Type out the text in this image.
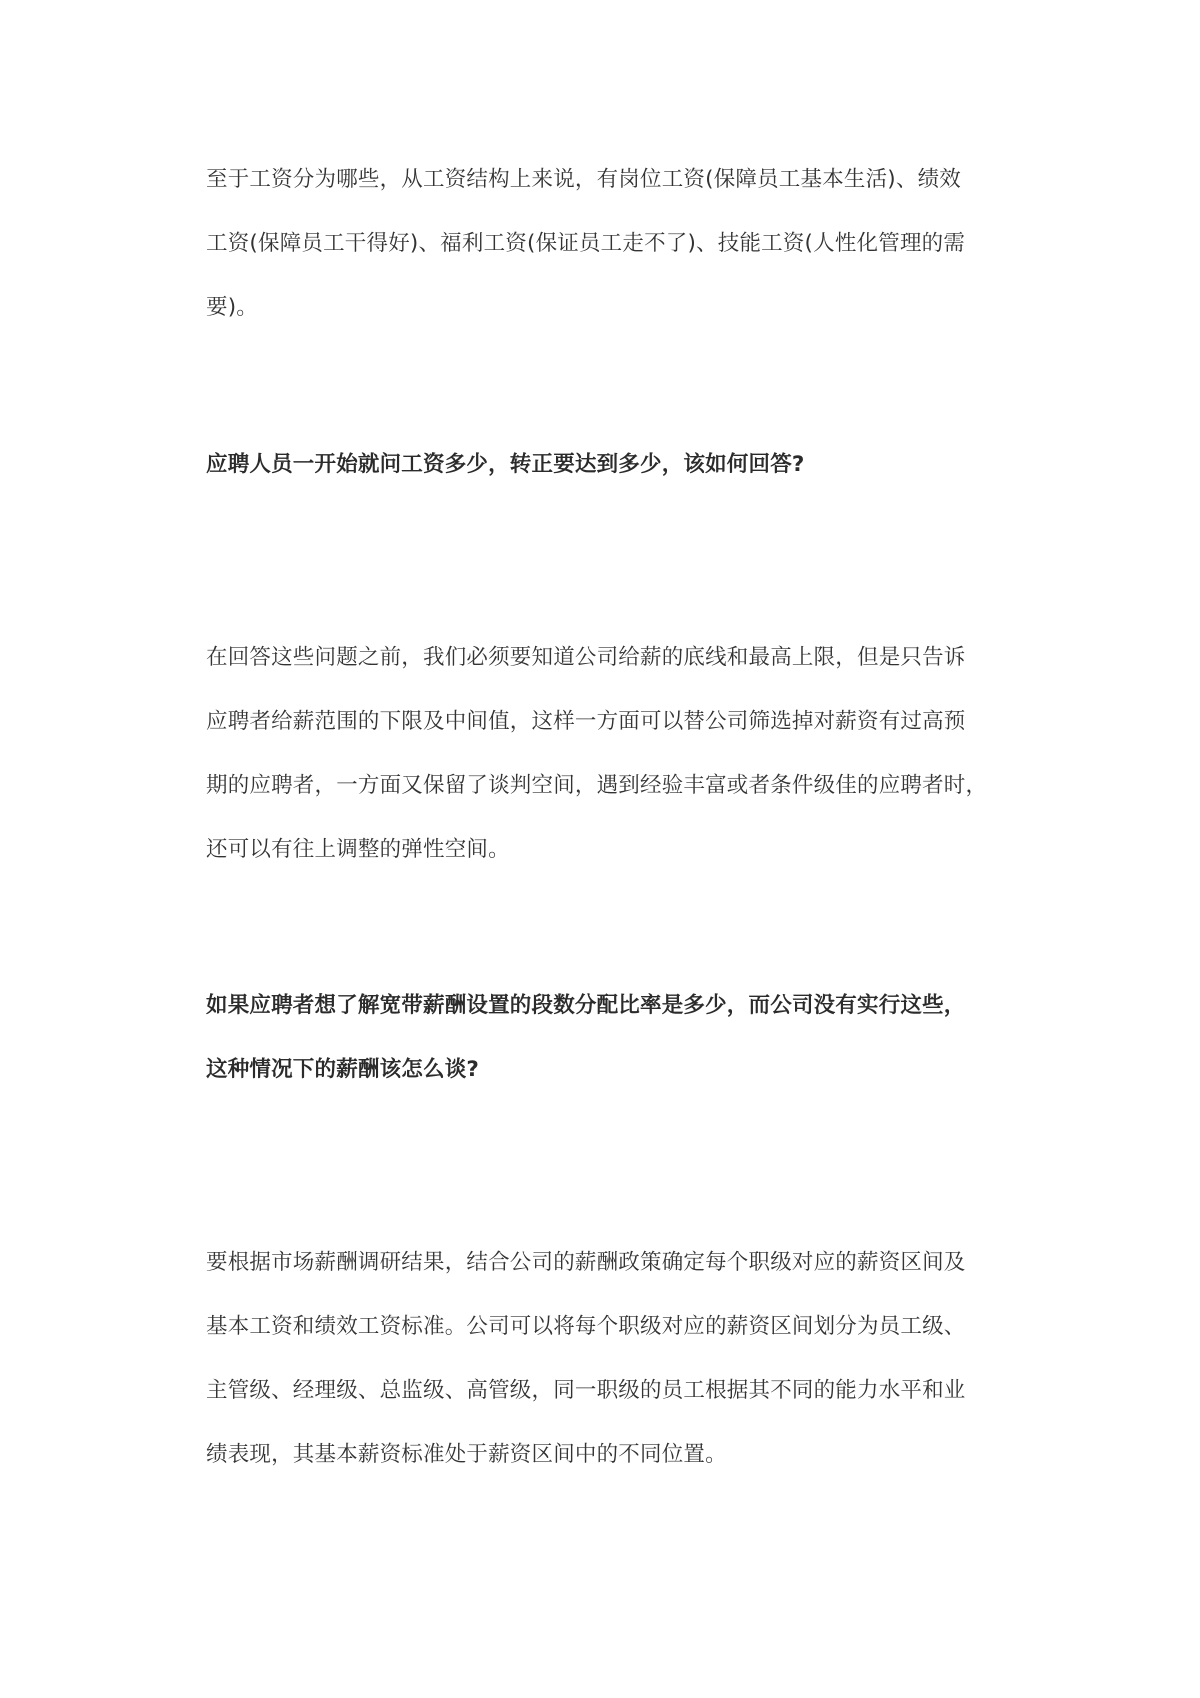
至于工资分为哪些，从工资结构上来说，有岗位工资(保障员工基本生活)、绩效
工资(保障员工干得好)、福利工资(保证员工走不了)、技能工资(人性化管理的需
要)。
应聘人员一开始就问工资多少，转正要达到多少，该如何回答?
在回答这些问题之前，我们必须要知道公司给薪的底线和最高上限，但是只告诉
应聘者给薪范围的下限及中间值，这样一方面可以替公司筛选掉对薪资有过高预
期的应聘者，一方面又保留了谈判空间，遇到经验丰富或者条件级佳的应聘者时，
还可以有往上调整的弹性空间。
如果应聘者想了解宽带薪酬设置的段数分配比率是多少，而公司没有实行这些，
这种情况下的薪酬该怎么谈?
要根据市场薪酬调研结果，结合公司的薪酬政策确定每个职级对应的薪资区间及
基本工资和绩效工资标准。公司可以将每个职级对应的薪资区间划分为员工级、
主管级、经理级、总监级、高管级，同一职级的员工根据其不同的能力水平和业
绩表现，其基本薪资标准处于薪资区间中的不同位置。
